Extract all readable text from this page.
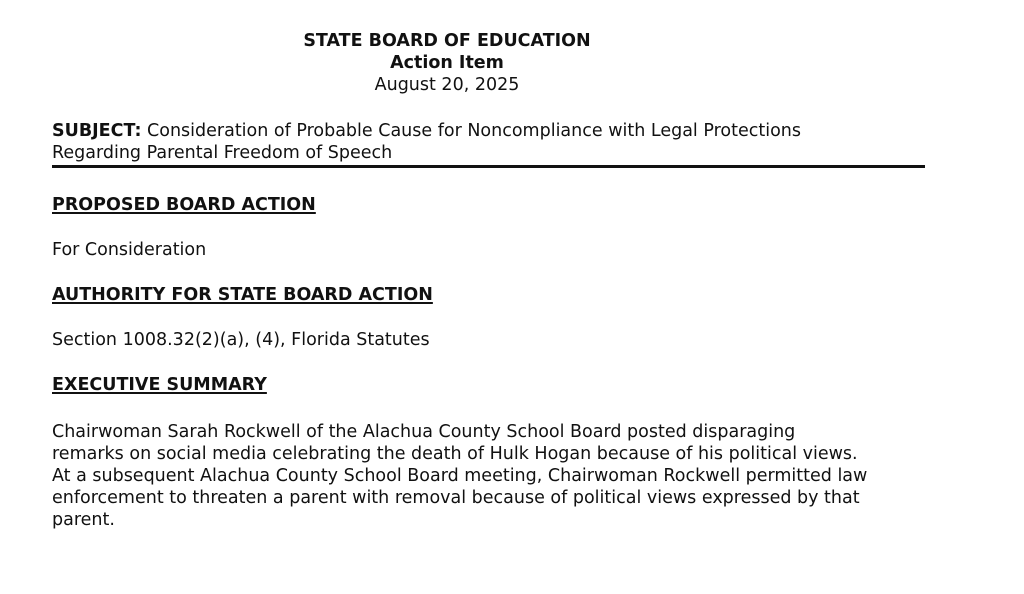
STATE BOARD OF EDUCATION
Action Item
August 20, 2025
SUBJECT: Consideration of Probable Cause for Noncompliance with Legal Protections
Regarding Parental Freedom of Speech
PROPOSED BOARD ACTION
For Consideration
AUTHORITY FOR STATE BOARD ACTION
Section 1008.32(2)(a), (4), Florida Statutes
EXECUTIVE SUMMARY
Chairwoman Sarah Rockwell of the Alachua County School Board posted disparaging
remarks on social media celebrating the death of Hulk Hogan because of his political views.
At a subsequent Alachua County School Board meeting, Chairwoman Rockwell permitted law
enforcement to threaten a parent with removal because of political views expressed by that
parent.
